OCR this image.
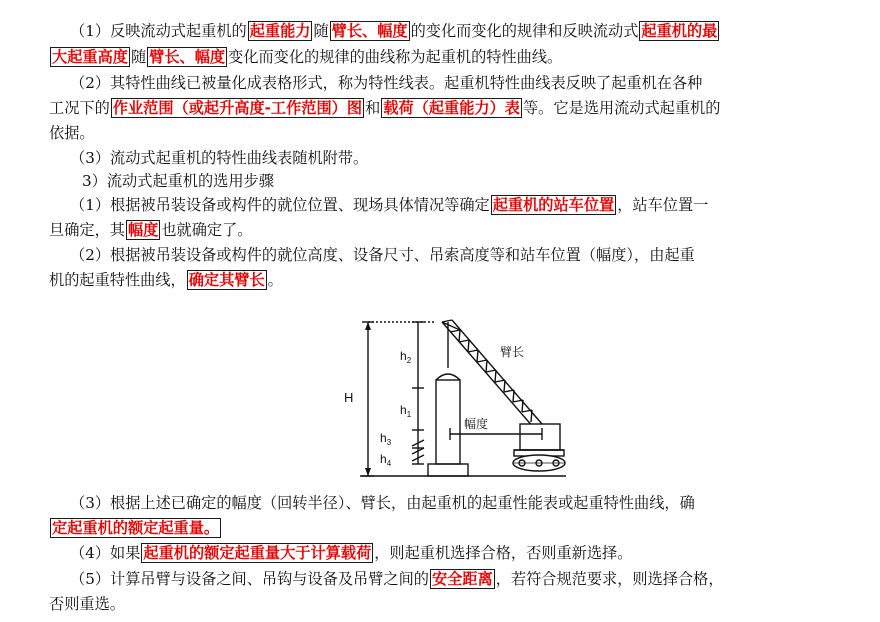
（1）反映流动式起重机的 起重能力 随 臂长、幅度 的变化而变化的规律和反映流动式 起重机的最
大起重高度 随 臂长、幅度 变化而变化的规律的曲线称为起重机的特性曲线。
（2）其特性曲线已被量化成表格形式，称为特性线表。起重机特性曲线表反映了起重机在各种
工况下的 作业范围（或起升高度-工作范围）图 和 载荷（起重能力）表 等。它是选用流动式起重机的
依据。
（3）流动式起重机的特性曲线表随机附带。
3）流动式起重机的选用步骤
（1）根据被吊装设备或构件的就位位置、现场具体情况等确定 起重机的站车位置 ，站车位置一
旦确定，其 幅度 也就确定了。
（2）根据被吊装设备或构件的就位高度、设备尺寸、吊索高度等和站车位置（幅度），由起重
机的起重特性曲线， 确定其臂长 。
（3）根据上述已确定的幅度（回转半径）、臂长，由起重机的起重性能表或起重特性曲线，确
定起重机的额定起重量。
（4）如果 起重机的额定起重量大于计算载荷 ，则起重机选择合格，否则重新选择。
（5）计算吊臂与设备之间、吊钩与设备及吊臂之间的 安全距离 ，若符合规范要求，则选择合格，
否则重选。
H
$h_2$
$h_1$
$h_3$
$h_4$
臂长
幅度
